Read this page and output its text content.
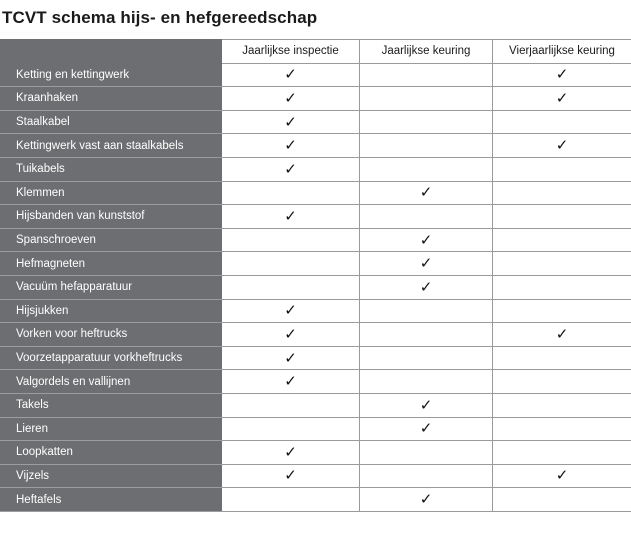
TCVT schema hijs- en hefgereedschap
	Jaarlijkse inspectie	Jaarlijkse keuring	Vierjaarlijkse keuring
Ketting en kettingwerk	✓		✓
Kraanhaken	✓		✓
Staalkabel	✓		
Kettingwerk vast aan staalkabels	✓		✓
Tuikabels	✓		
Klemmen		✓	
Hijsbanden van kunststof	✓		
Spanschroeven		✓	
Hefmagneten		✓	
Vacuüm hefapparatuur		✓	
Hijsjukken	✓		
Vorken voor heftrucks	✓		✓
Voorzetapparatuur vorkheftrucks	✓		
Valgordels en vallijnen	✓		
Takels		✓	
Lieren		✓	
Loopkatten	✓		
Vijzels	✓		✓
Heftafels		✓	
